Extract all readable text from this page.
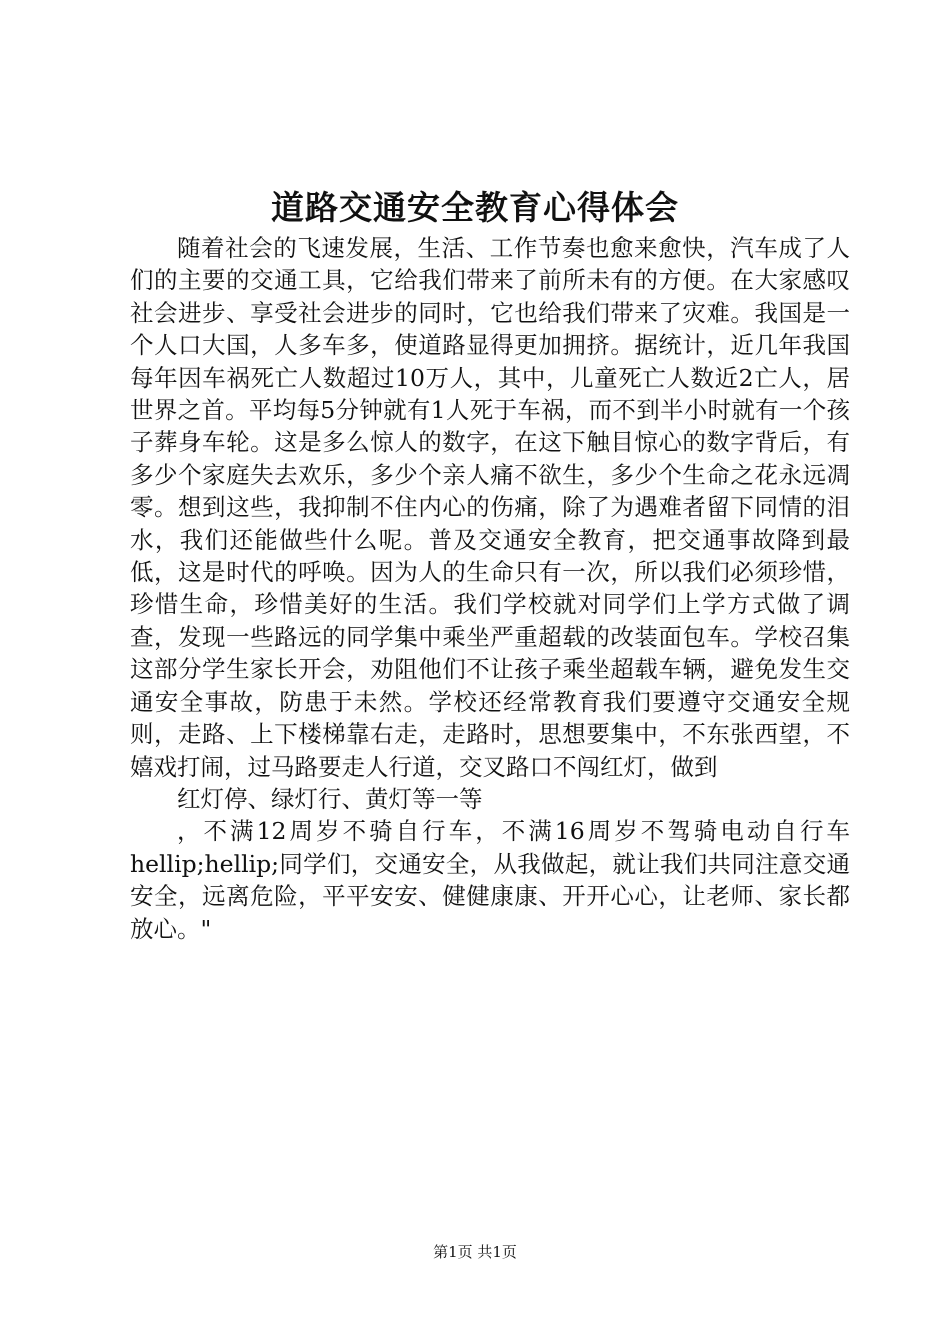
道路交通安全教育心得体会

随着社会的飞速发展，生活、工作节奏也愈来愈快，汽车成了人们的主要的交通工具，它给我们带来了前所未有的方便。在大家感叹社会进步、享受社会进步的同时，它也给我们带来了灾难。我国是一个人口大国，人多车多，使道路显得更加拥挤。据统计，近几年我国每年因车祸死亡人数超过10万人，其中，儿童死亡人数近2亡人，居世界之首。平均每5分钟就有1人死于车祸，而不到半小时就有一个孩子葬身车轮。这是多么惊人的数字，在这下触目惊心的数字背后，有多少个家庭失去欢乐，多少个亲人痛不欲生，多少个生命之花永远凋零。想到这些，我抑制不住内心的伤痛，除了为遇难者留下同情的泪水，我们还能做些什么呢。普及交通安全教育，把交通事故降到最低，这是时代的呼唤。因为人的生命只有一次，所以我们必须珍惜，珍惜生命，珍惜美好的生活。我们学校就对同学们上学方式做了调查，发现一些路远的同学集中乘坐严重超载的改装面包车。学校召集这部分学生家长开会，劝阻他们不让孩子乘坐超载车辆，避免发生交通安全事故，防患于未然。学校还经常教育我们要遵守交通安全规则，走路、上下楼梯靠右走，走路时，思想要集中，不东张西望，不嬉戏打闹，过马路要走人行道，交叉路口不闯红灯，做到

红灯停、绿灯行、黄灯等一等

，不满12周岁不骑自行车，不满16周岁不驾骑电动自行车hellip;hellip;同学们，交通安全，从我做起，就让我们共同注意交通安全，远离危险，平平安安、健健康康、开开心心，让老师、家长都放心。"

第1页 共1页
